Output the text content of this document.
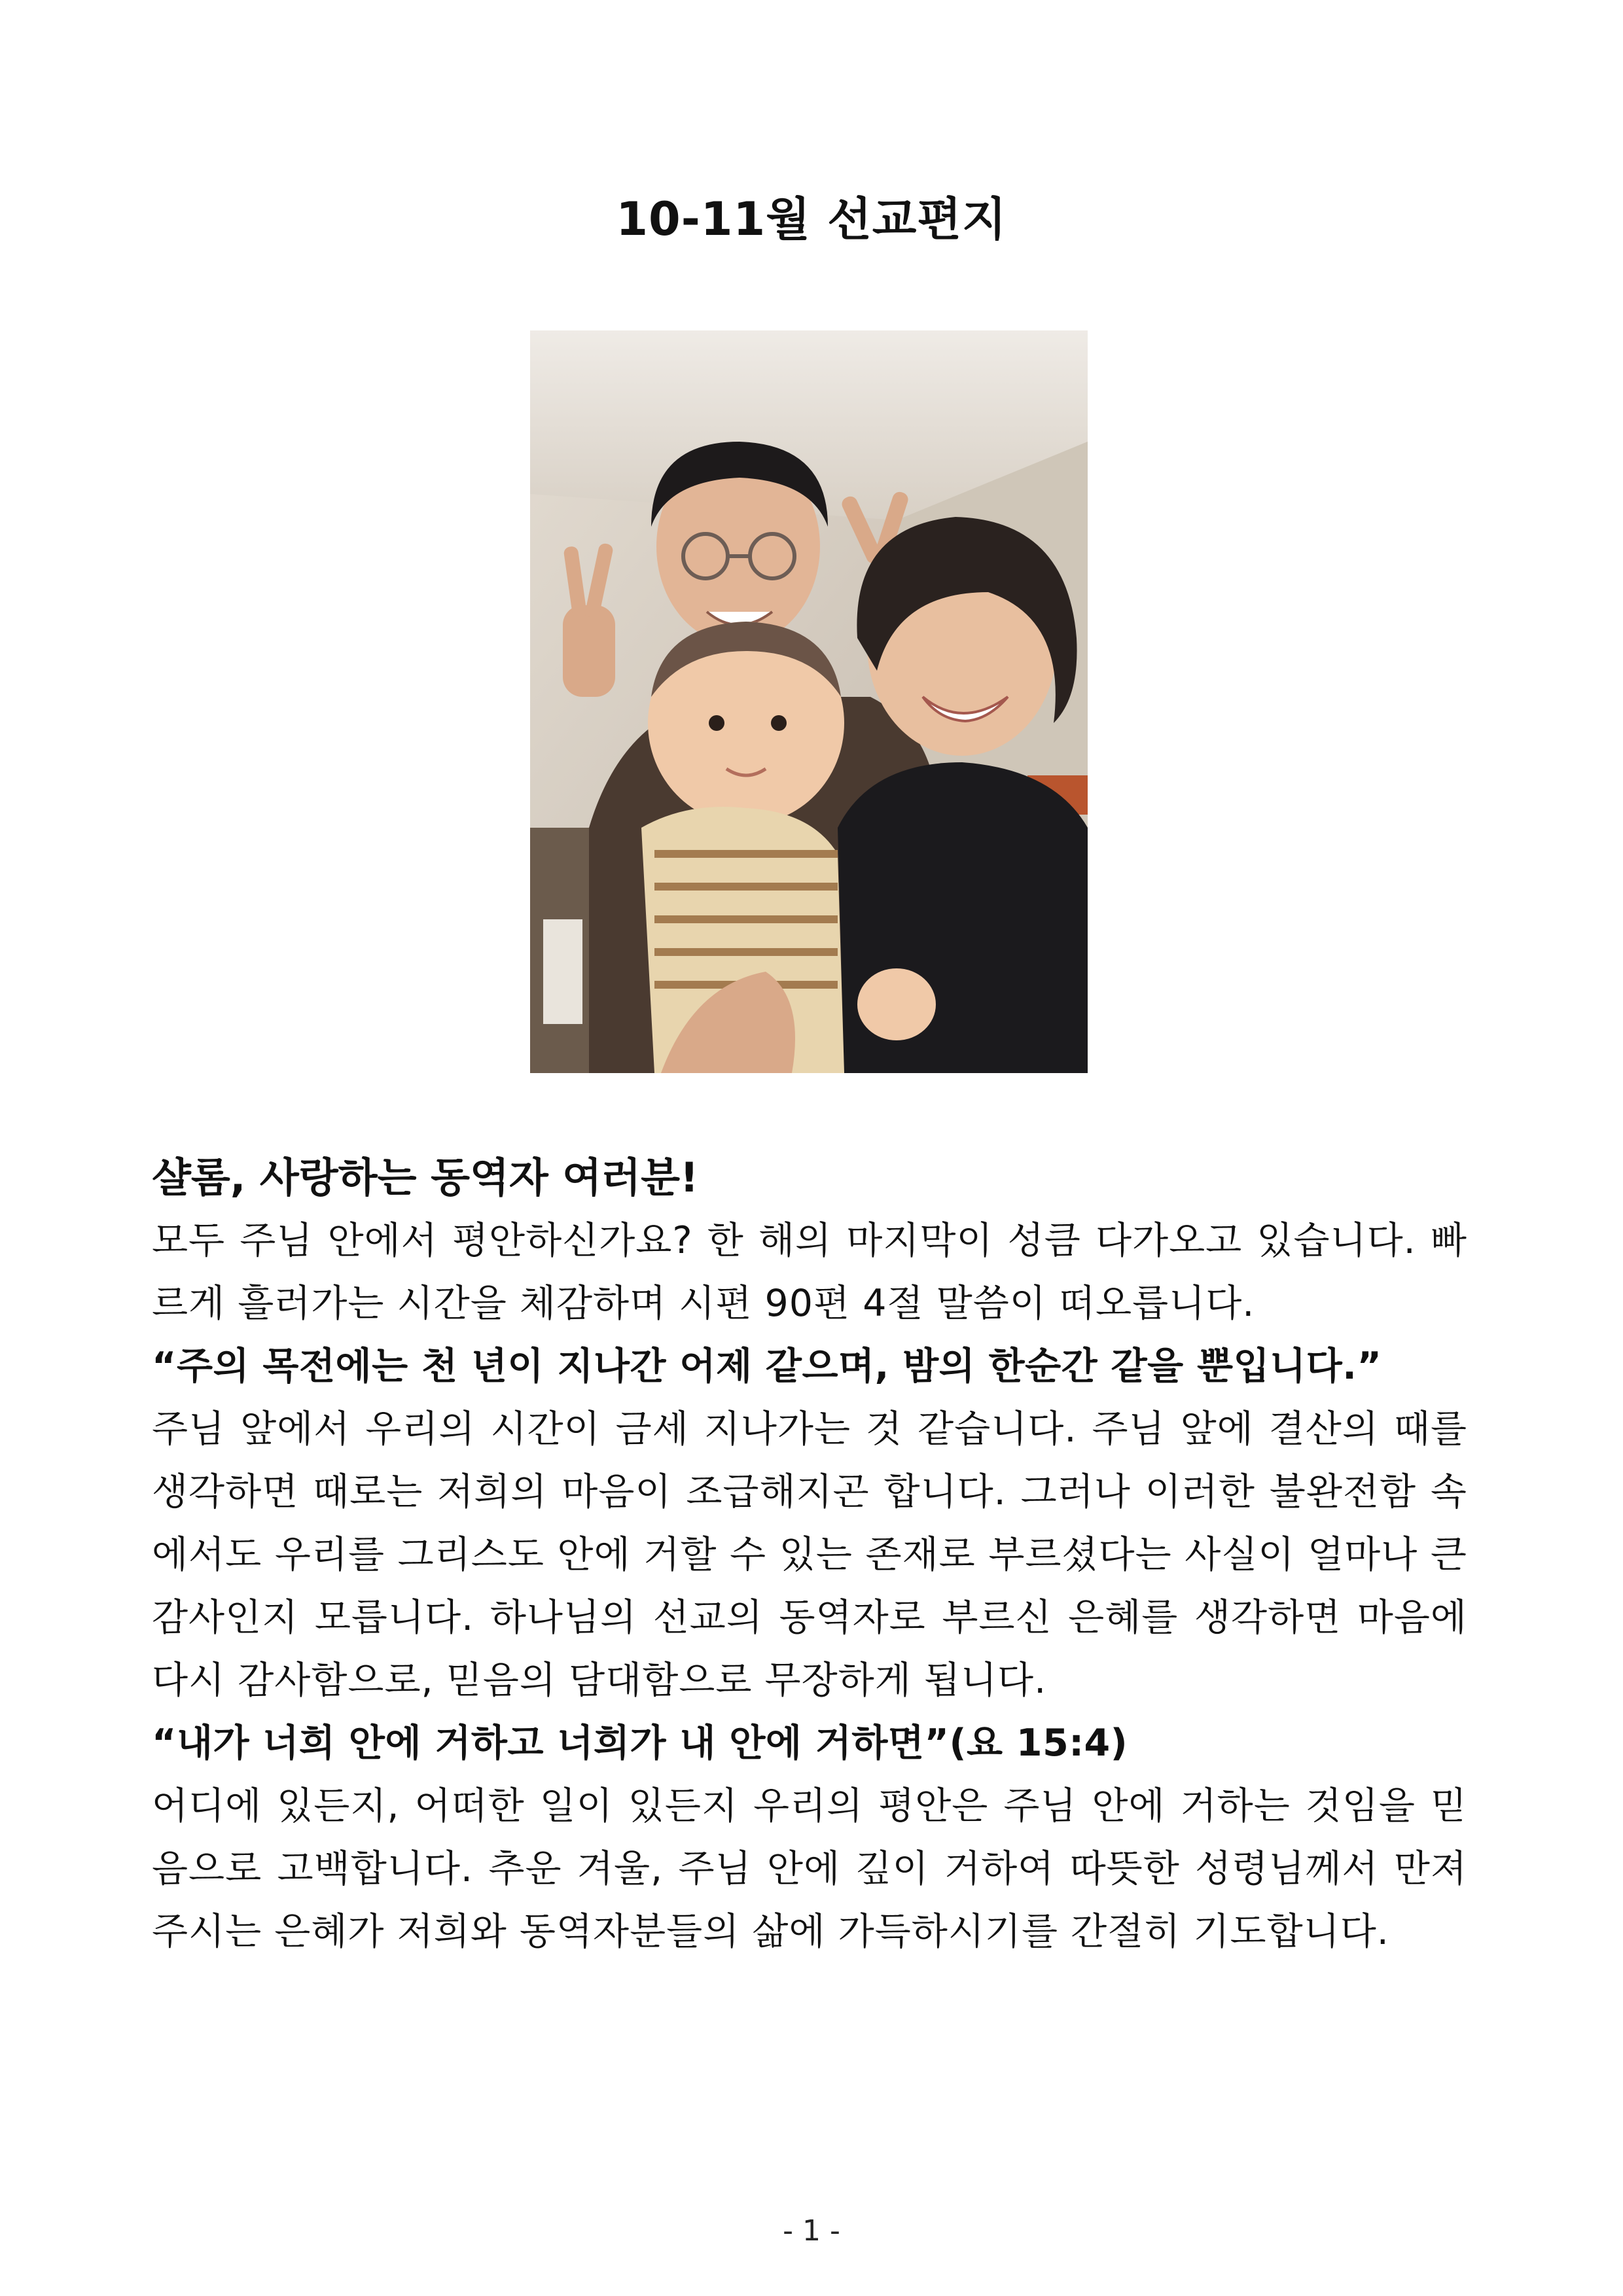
10-11월 선교편지
샬롬, 사랑하는 동역자 여러분!
모두 주님 안에서 평안하신가요? 한 해의 마지막이 성큼 다가오고 있습니다. 빠르게 흘러가는 시간을 체감하며 시편 90편 4절 말씀이 떠오릅니다.
“주의 목전에는 천 년이 지나간 어제 같으며, 밤의 한순간 같을 뿐입니다.”
주님 앞에서 우리의 시간이 금세 지나가는 것 같습니다. 주님 앞에 결산의 때를 생각하면 때로는 저희의 마음이 조급해지곤 합니다. 그러나 이러한 불완전함 속에서도 우리를 그리스도 안에 거할 수 있는 존재로 부르셨다는 사실이 얼마나 큰 감사인지 모릅니다. 하나님의 선교의 동역자로 부르신 은혜를 생각하면 마음에 다시 감사함으로, 믿음의 담대함으로 무장하게 됩니다.
“내가 너희 안에 거하고 너희가 내 안에 거하면”(요 15:4)
어디에 있든지, 어떠한 일이 있든지 우리의 평안은 주님 안에 거하는 것임을 믿음으로 고백합니다. 추운 겨울, 주님 안에 깊이 거하여 따뜻한 성령님께서 만져주시는 은혜가 저희와 동역자분들의 삶에 가득하시기를 간절히 기도합니다.
- 1 -
